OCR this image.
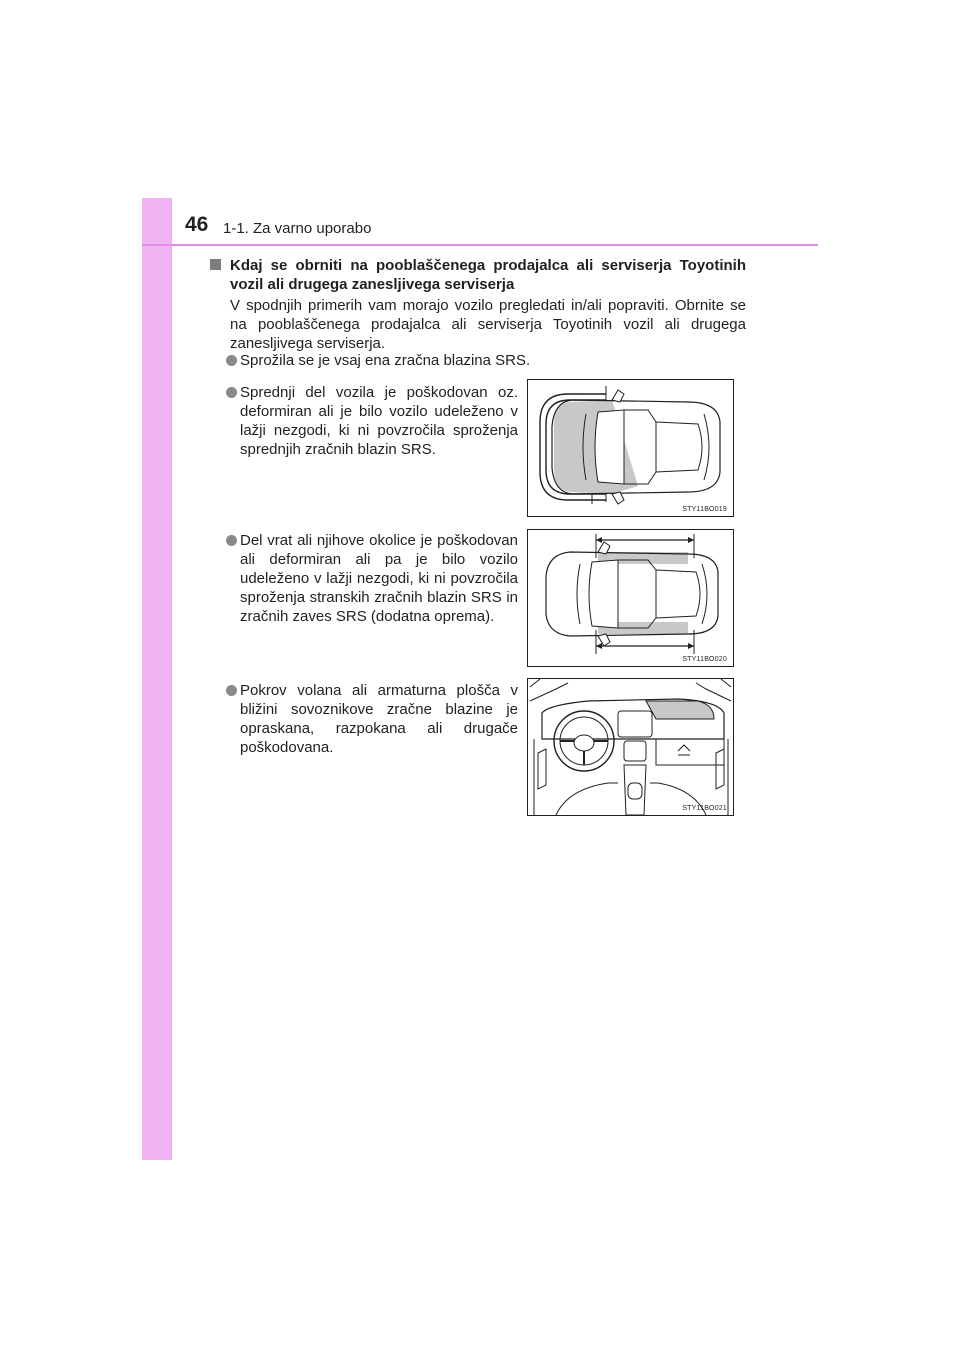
46 1-1. Za varno uporabo
Kdaj se obrniti na pooblaščenega prodajalca ali serviserja Toyotinih vozil ali drugega zanesljivega serviserja
V spodnjih primerih vam morajo vozilo pregledati in/ali popraviti. Obrnite se na pooblaščenega prodajalca ali serviserja Toyotinih vozil ali drugega zanesljivega serviserja.
Sprožila se je vsaj ena zračna blazina SRS.
Sprednji del vozila je poškodovan oz. deformiran ali je bilo vozilo udeleženo v lažji nezgodi, ki ni povzročila sproženja sprednjih zračnih blazin SRS.
Del vrat ali njihove okolice je poškodovan ali deformiran ali pa je bilo vozilo udeleženo v lažji nezgodi, ki ni povzročila sproženja stranskih zračnih blazin SRS in zračnih zaves SRS (dodatna oprema).
Pokrov volana ali armaturna plošča v bližini sovoznikove zračne blazine je opraskana, razpokana ali drugače poškodovana.
STY11BO019
STY11BO020
STY11BO021
